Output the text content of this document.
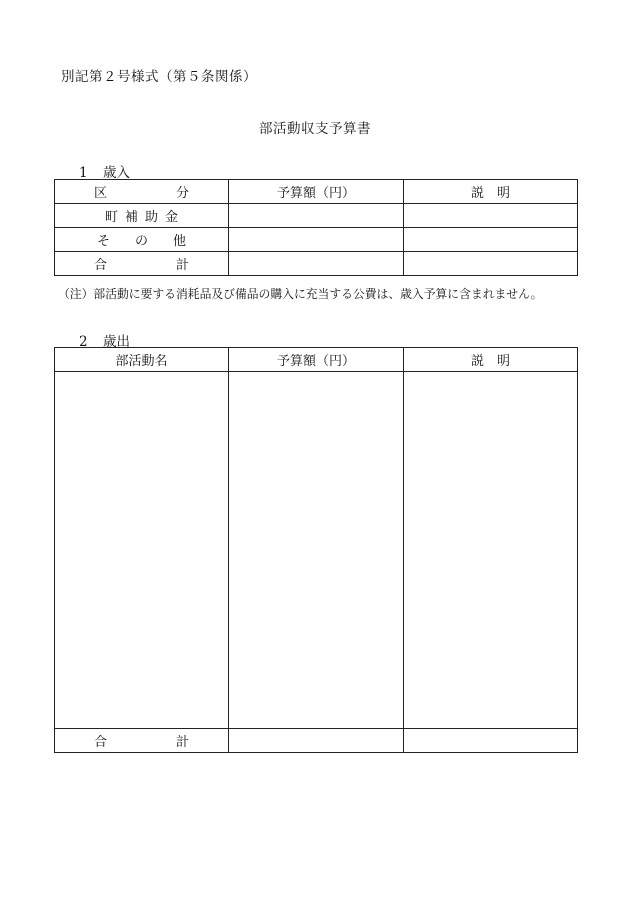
別記第２号様式（第５条関係）
部活動収支予算書
1 歳入
区　分	予算額（円）	説　明
町補助金		
その他		
合　計		
（注）部活動に要する消耗品及び備品の購入に充当する公費は、歳入予算に含まれません。
2 歳出
部活動名	予算額（円）	説　明

合　計		
